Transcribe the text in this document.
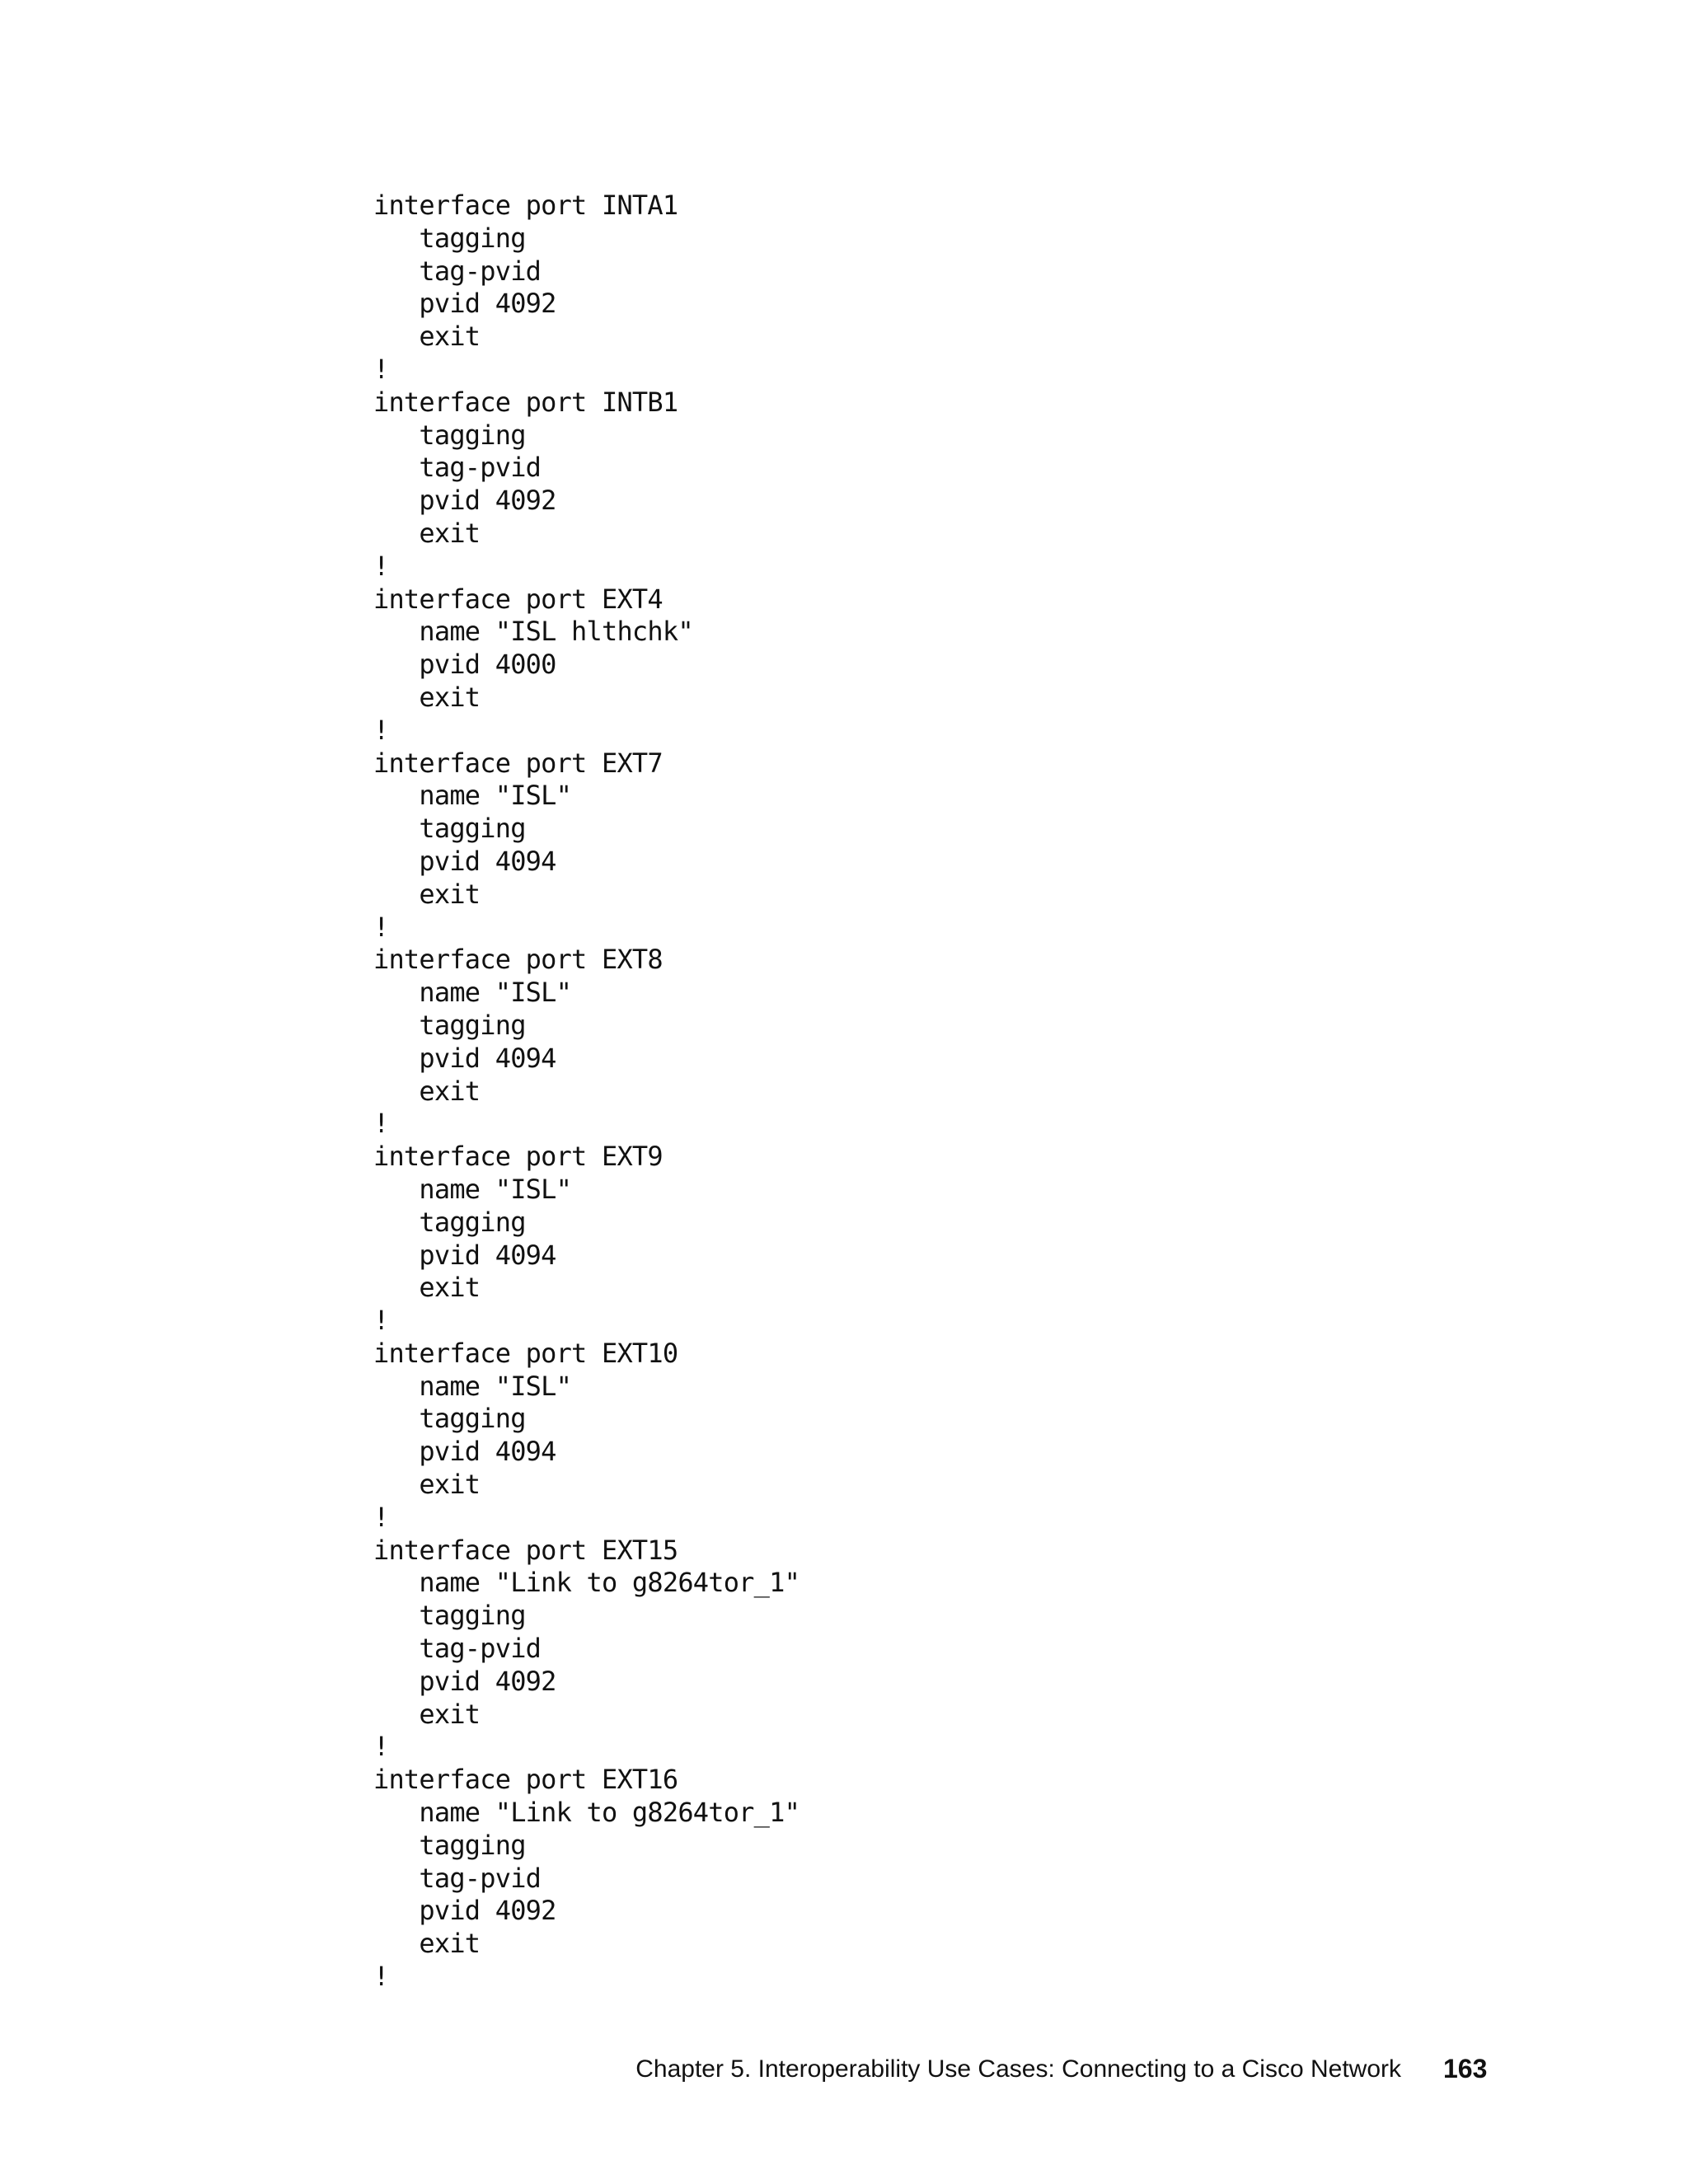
interface port INTA1
tagging
tag-pvid
pvid 4092
exit
!
interface port INTB1
tagging
tag-pvid
pvid 4092
exit
!
interface port EXT4
name "ISL hlthchk"
pvid 4000
exit
!
interface port EXT7
name "ISL"
tagging
pvid 4094
exit
!
interface port EXT8
name "ISL"
tagging
pvid 4094
exit
!
interface port EXT9
name "ISL"
tagging
pvid 4094
exit
!
interface port EXT10
name "ISL"
tagging
pvid 4094
exit
!
interface port EXT15
name "Link to g8264tor_1"
tagging
tag-pvid
pvid 4092
exit
!
interface port EXT16
name "Link to g8264tor_1"
tagging
tag-pvid
pvid 4092
exit
!
Chapter 5. Interoperability Use Cases: Connecting to a Cisco Network 163
